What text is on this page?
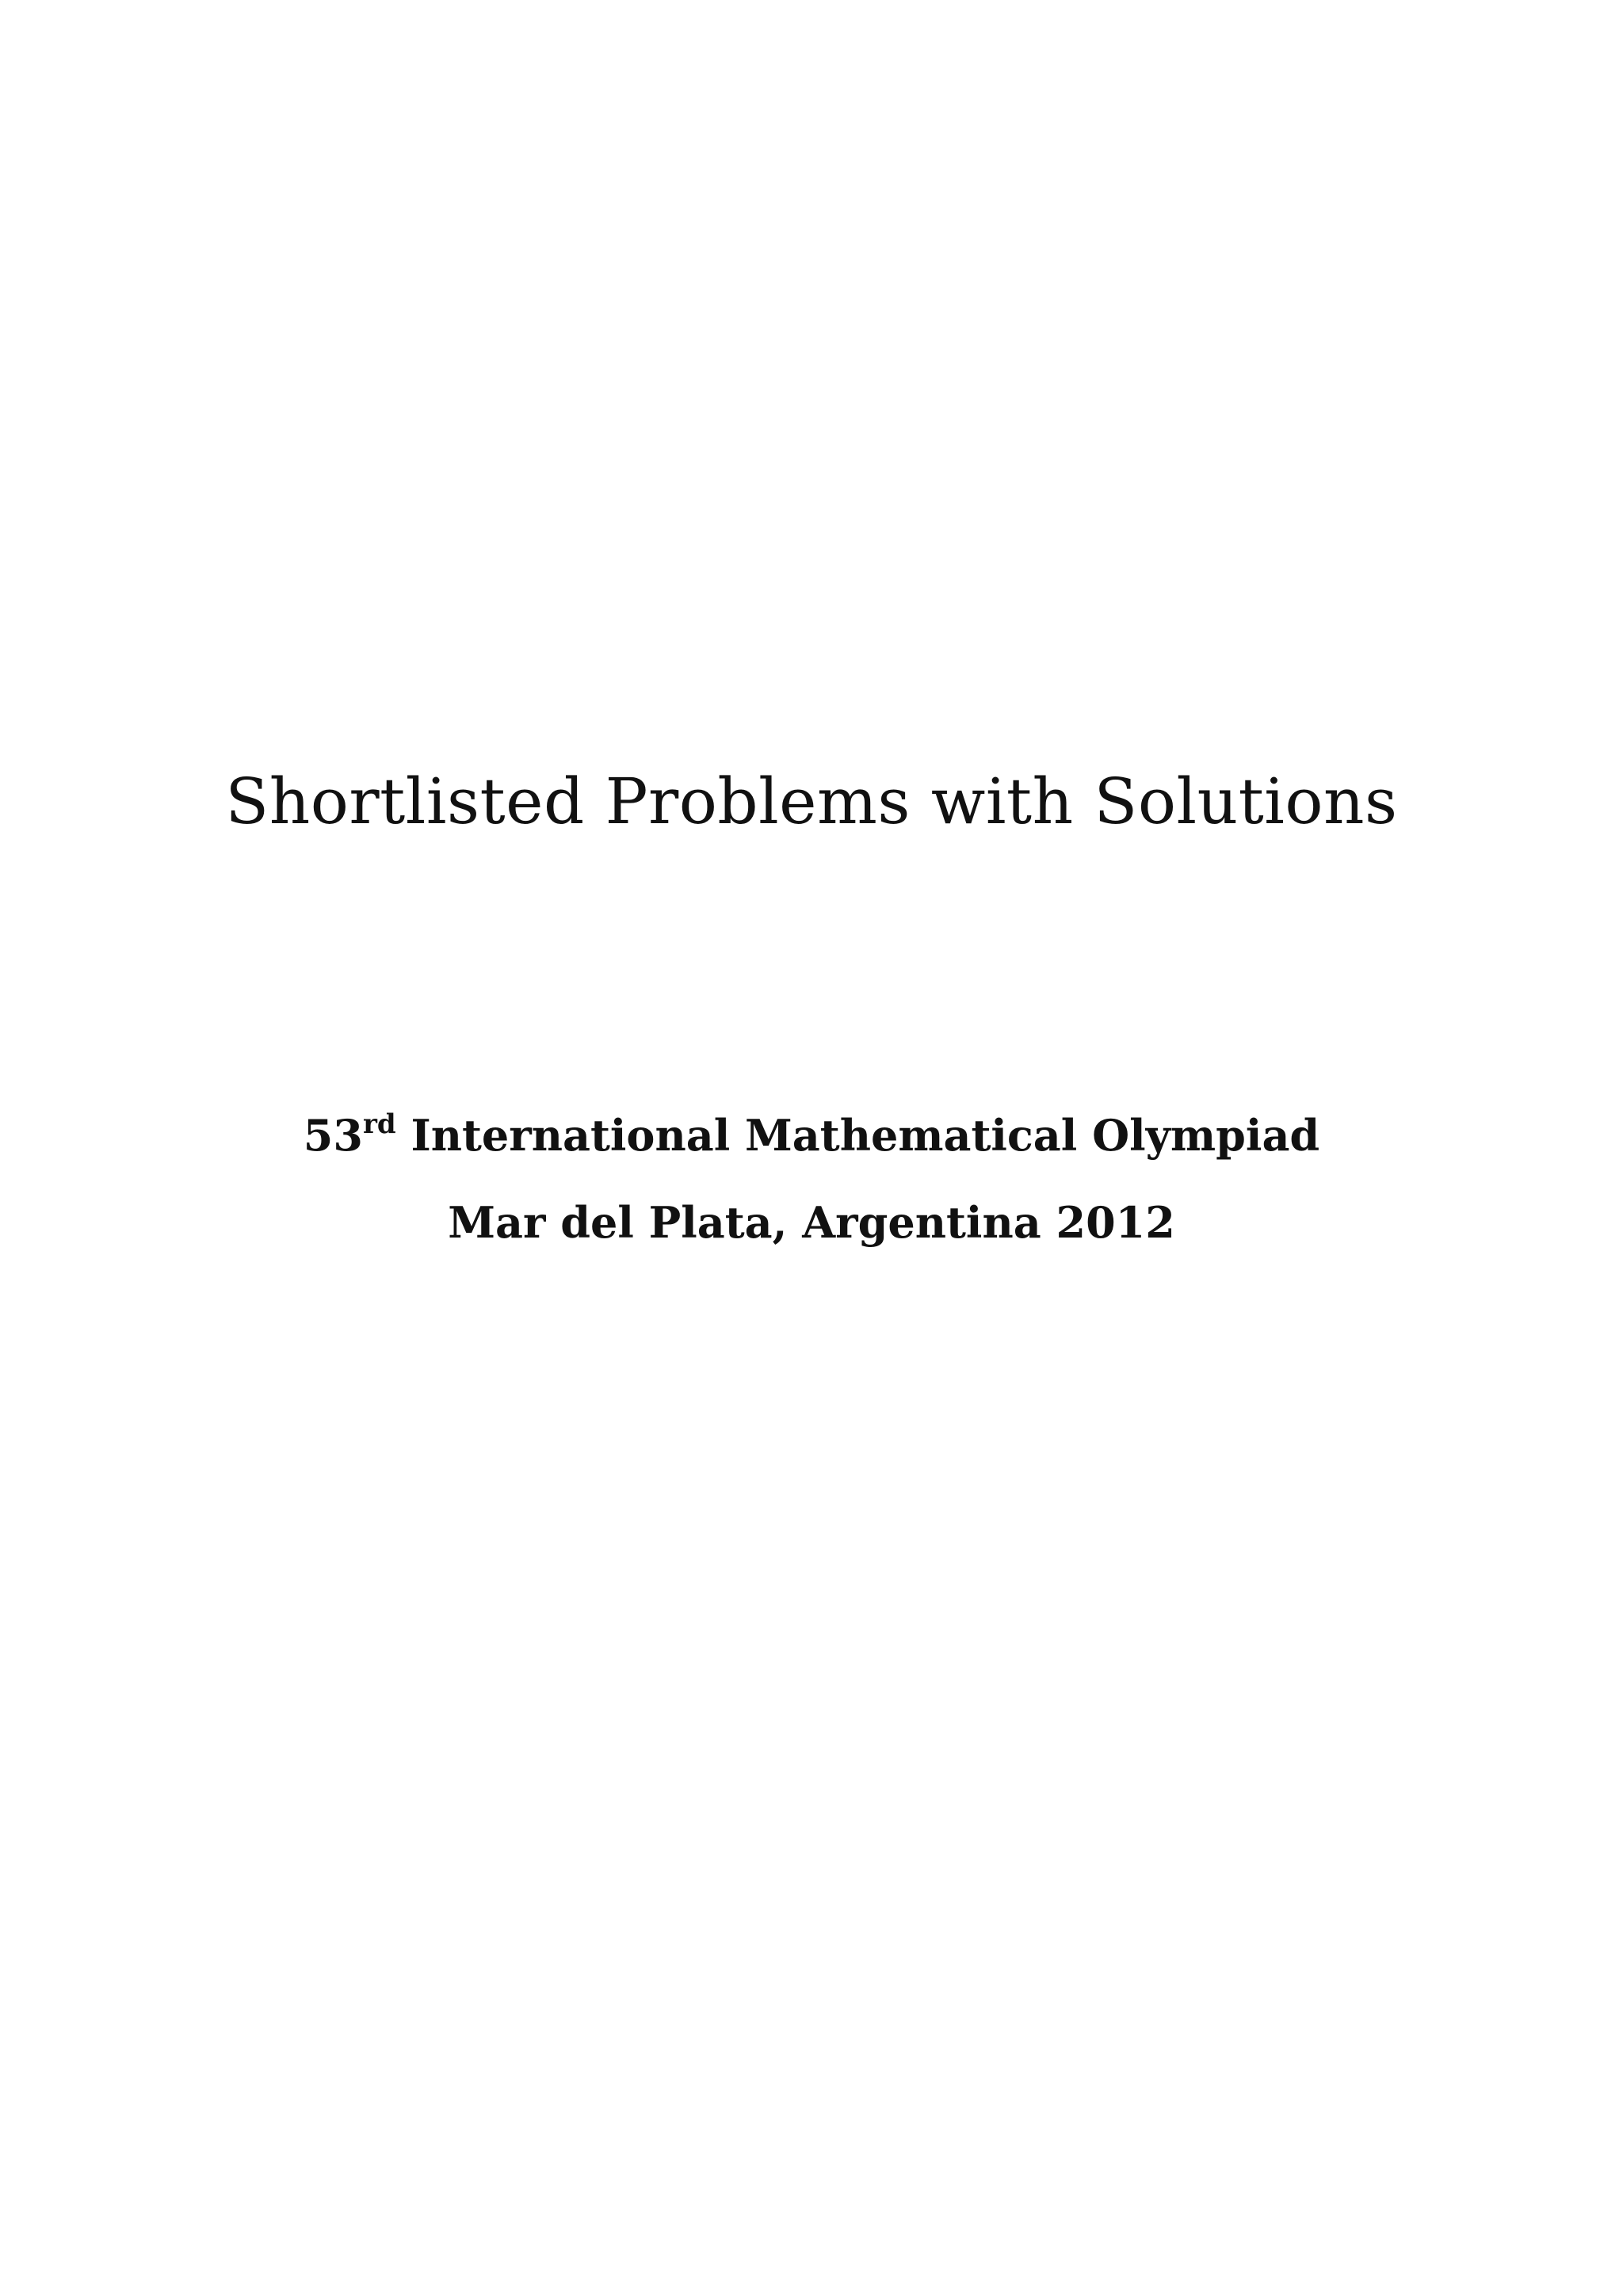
Shortlisted Problems with Solutions
53rd International Mathematical Olympiad
Mar del Plata, Argentina 2012
